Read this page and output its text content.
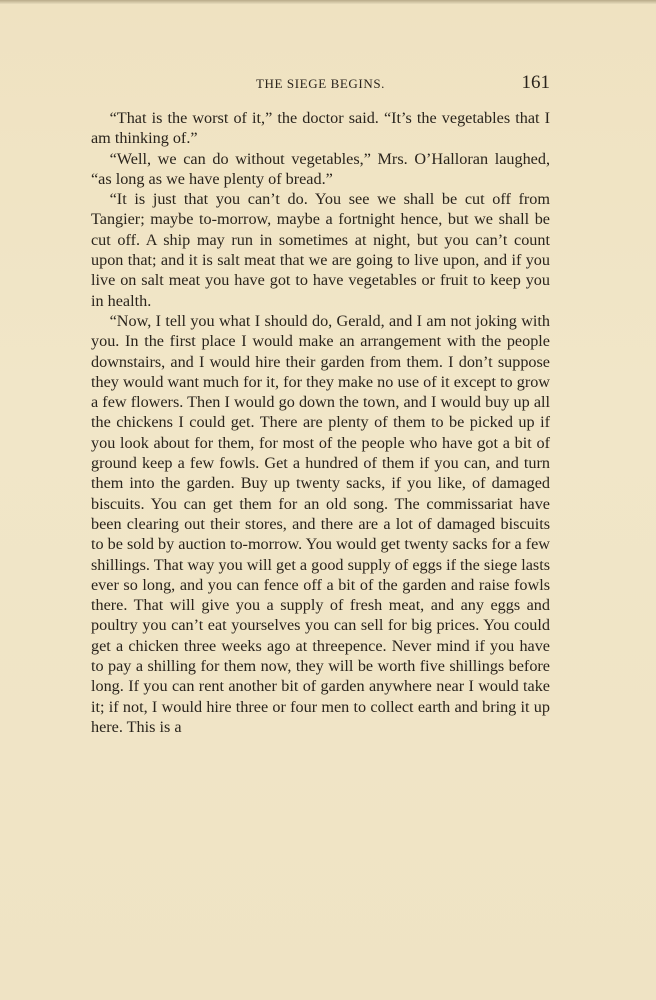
THE SIEGE BEGINS.	161

“That is the worst of it,” the doctor said. “It’s the vegetables that I am thinking of.”

“Well, we can do without vegetables,” Mrs. O’Halloran laughed, “as long as we have plenty of bread.”

“It is just that you can’t do. You see we shall be cut off from Tangier; maybe to-morrow, maybe a fortnight hence, but we shall be cut off. A ship may run in sometimes at night, but you can’t count upon that; and it is salt meat that we are going to live upon, and if you live on salt meat you have got to have vegetables or fruit to keep you in health.

“Now, I tell you what I should do, Gerald, and I am not joking with you. In the first place I would make an arrangement with the people downstairs, and I would hire their garden from them. I don’t suppose they would want much for it, for they make no use of it except to grow a few flowers. Then I would go down the town, and I would buy up all the chickens I could get. There are plenty of them to be picked up if you look about for them, for most of the people who have got a bit of ground keep a few fowls. Get a hundred of them if you can, and turn them into the garden. Buy up twenty sacks, if you like, of damaged biscuits. You can get them for an old song. The commissariat have been clearing out their stores, and there are a lot of damaged biscuits to be sold by auction to-morrow. You would get twenty sacks for a few shillings. That way you will get a good supply of eggs if the siege lasts ever so long, and you can fence off a bit of the garden and raise fowls there. That will give you a supply of fresh meat, and any eggs and poultry you can’t eat yourselves you can sell for big prices. You could get a chicken three weeks ago at threepence. Never mind if you have to pay a shilling for them now, they will be worth five shillings before long. If you can rent another bit of garden anywhere near I would take it; if not, I would hire three or four men to collect earth and bring it up here. This is a
